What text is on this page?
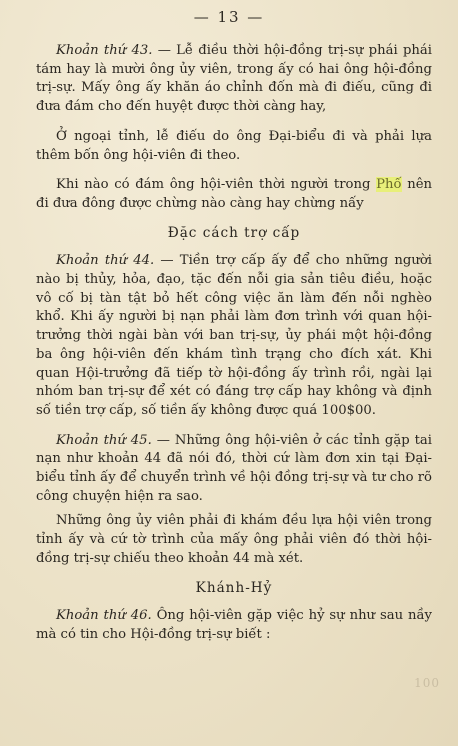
— 13 —

Khoản thứ 43. — Lễ điều thời hội-đồng trị-sự phái phái tám hay là mười ông ủy viên, trong ấy có hai ông hội-đồng trị-sự. Mấy ông ấy khăn áo chỉnh đốn mà đi điếu, cũng đi đưa đám cho đến huyệt được thời càng hay,

Ở ngoại tỉnh, lễ điếu do ông Đại-biểu đi và phải lựa thêm bốn ông hội-viên đi theo.

Khi nào có đám ông hội-viên thời người trong Phố nên đi đưa đông được chừng nào càng hay chừng nấy

Đặc cách trợ cấp

Khoản thứ 44. — Tiền trợ cấp ấy để cho những người nào bị thủy, hỏa, đạo, tặc đến nỗi gia sản tiêu điều, hoặc vô cố bị tàn tật bỏ hết công việc ăn làm đến nỗi nghèo khổ. Khi ấy người bị nạn phải làm đơn trình với quan hội-trưởng thời ngài bàn với ban trị-sự, ủy phái một hội-đồng ba ông hội-viên đến khám tình trạng cho đích xát. Khi quan Hội-trưởng đã tiếp tờ hội-đồng ấy trình rồi, ngài lại nhóm ban trị-sự để xét có đáng trợ cấp hay không và định số tiền trợ cấp, số tiền ấy không được quá 100$00.

Khoản thứ 45. — Những ông hội-viên ở các tỉnh gặp tai nạn như khoản 44 đã nói đó, thời cứ làm đơn xin tại Đại-biểu tỉnh ấy để chuyển trình về hội đồng trị-sự và tư cho rõ công chuyện hiện ra sao.

Những ông ủy viên phải đi khám đều lựa hội viên trong tỉnh ấy và cứ tờ trình của mấy ông phải viên đó thời hội-đồng trị-sự chiếu theo khoản 44 mà xét.

Khánh-Hỷ

Khoản thứ 46. Ông hội-viên gặp việc hỷ sự như sau nầy mà có tin cho Hội-đồng trị-sự biết :

100
